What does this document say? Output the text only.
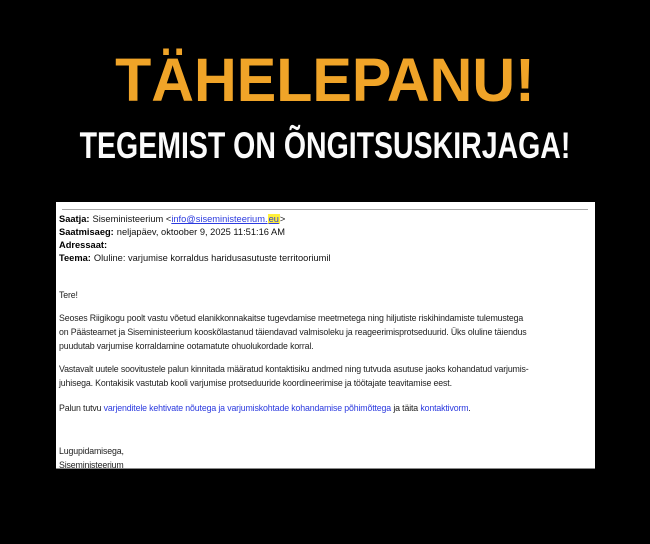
TÄHELEPANU!
TEGEMIST ON ÕNGITSUSKIRJAGA!
Saatja: Siseministeerium <info@siseministeerium.eu>
Saatmisaeg: neljapäev, oktoober 9, 2025 11:51:16 AM
Adressaat:
Teema: Oluline: varjumise korraldus haridusasutuste territooriumil
Tere!
Seoses Riigikogu poolt vastu võetud elanikkonnakaitse tugevdamise meetmetega ning hiljutiste riskihindamiste tulemustega
on Päästeamet ja Siseministeerium kooskõlastanud täiendavad valmisoleku ja reageerimisprotseduurid. Üks oluline täiendus
puudutab varjumise korraldamine ootamatute ohuolukordade korral.
Vastavalt uutele soovitustele palun kinnitada määratud kontaktisiku andmed ning tutvuda asutuse jaoks kohandatud varjumis-
juhisega. Kontakisik vastutab kooli varjumise protseduuride koordineerimise ja töötajate teavitamise eest.
Palun tutvu varjenditele kehtivate nõutega ja varjumiskohtade kohandamise põhimõttega ja täita kontaktivorm.
Lugupidamisega,
Siseministeerium
